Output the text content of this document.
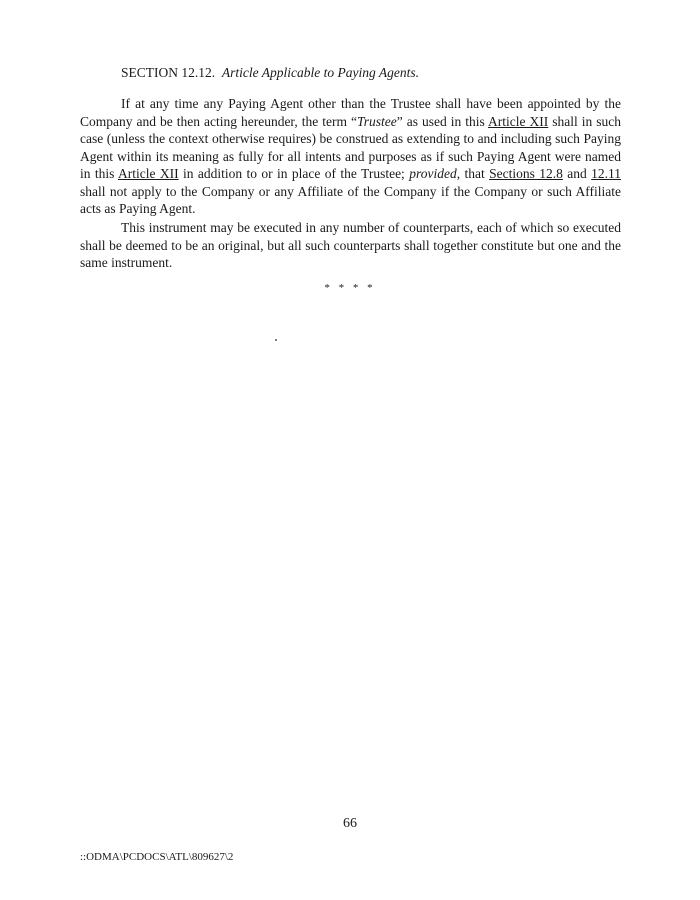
SECTION 12.12. Article Applicable to Paying Agents.

If at any time any Paying Agent other than the Trustee shall have been appointed by the Company and be then acting hereunder, the term “Trustee” as used in this Article XII shall in such case (unless the context otherwise requires) be construed as extending to and including such Paying Agent within its meaning as fully for all intents and purposes as if such Paying Agent were named in this Article XII in addition to or in place of the Trustee; provided, that Sections 12.8 and 12.11 shall not apply to the Company or any Affiliate of the Company if the Company or such Affiliate acts as Paying Agent.

This instrument may be executed in any number of counterparts, each of which so executed shall be deemed to be an original, but all such counterparts shall together constitute but one and the same instrument.

* * * *
66
::ODMA\PCDOCS\ATL\809627\2
